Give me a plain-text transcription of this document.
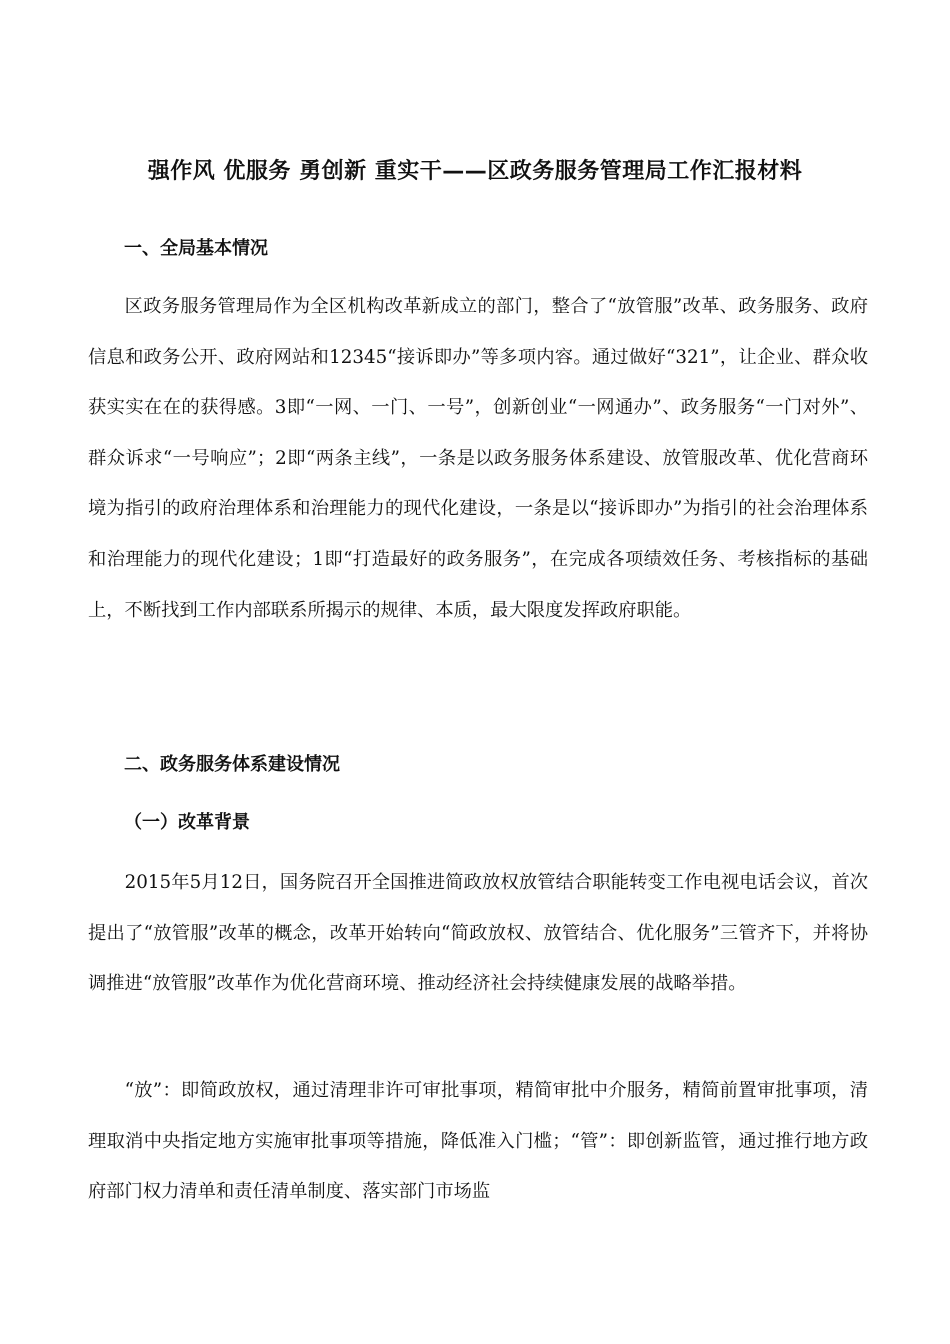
强作风 优服务 勇创新 重实干——区政务服务管理局工作汇报材料
一、全局基本情况

区政务服务管理局作为全区机构改革新成立的部门，整合了“放管服”改革、政务服务、政府信息和政务公开、政府网站和12345“接诉即办”等多项内容。通过做好“321”，让企业、群众收获实实在在的获得感。3即“一网、一门、一号”，创新创业“一网通办”、政务服务“一门对外”、群众诉求“一号响应”；2即“两条主线”，一条是以政务服务体系建设、放管服改革、优化营商环境为指引的政府治理体系和治理能力的现代化建设，一条是以“接诉即办”为指引的社会治理体系和治理能力的现代化建设；1即“打造最好的政务服务”，在完成各项绩效任务、考核指标的基础上，不断找到工作内部联系所揭示的规律、本质，最大限度发挥政府职能。

二、政务服务体系建设情况
（一）改革背景

2015年5月12日，国务院召开全国推进简政放权放管结合职能转变工作电视电话会议，首次提出了“放管服”改革的概念，改革开始转向“简政放权、放管结合、优化服务”三管齐下，并将协调推进“放管服”改革作为优化营商环境、推动经济社会持续健康发展的战略举措。

“放”：即简政放权，通过清理非许可审批事项，精简审批中介服务，精简前置审批事项，清理取消中央指定地方实施审批事项等措施，降低准入门槛；“管”：即创新监管，通过推行地方政府部门权力清单和责任清单制度、落实部门市场监
